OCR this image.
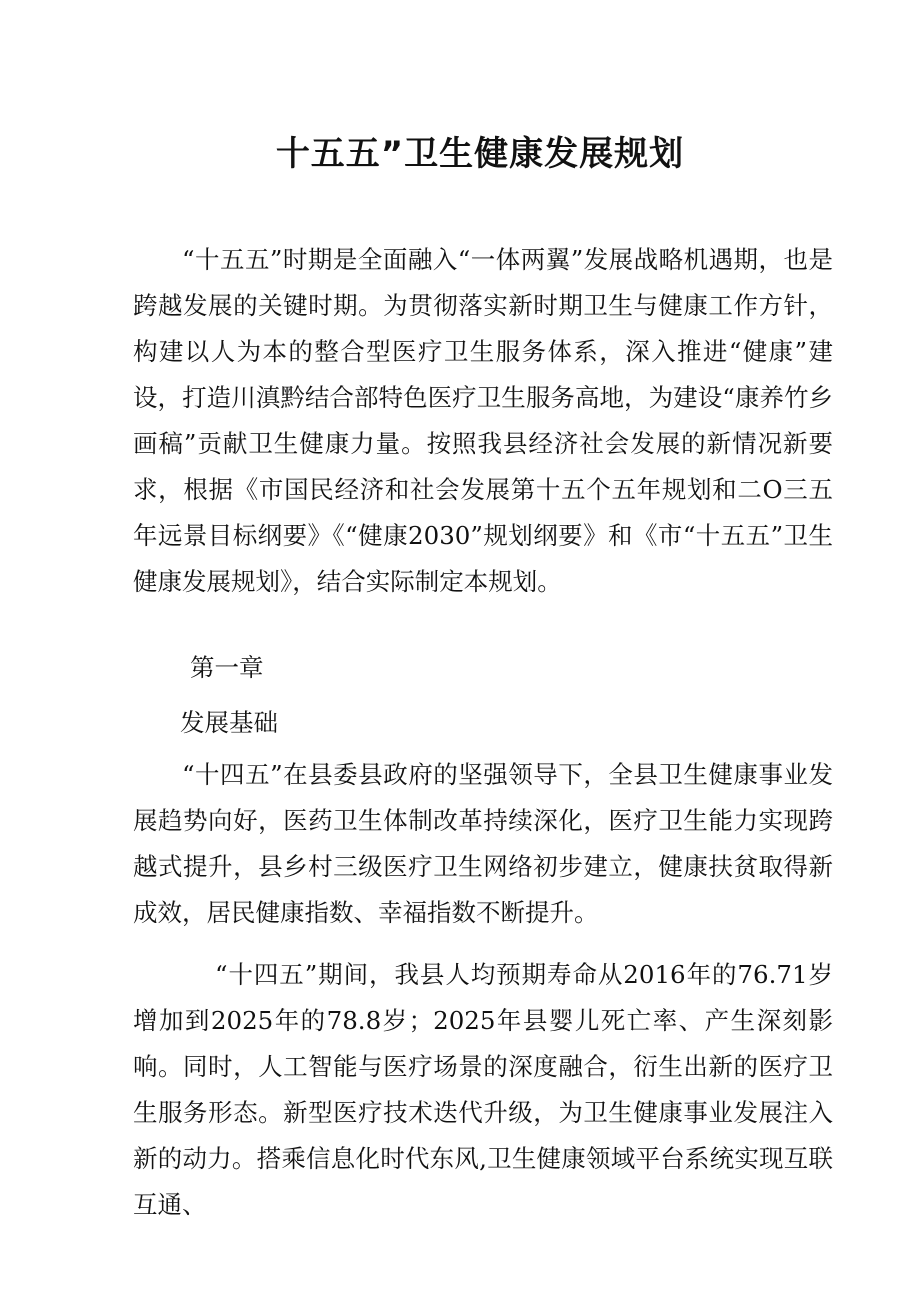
十五五”卫生健康发展规划

“十五五”时期是全面融入“一体两翼”发展战略机遇期，也是跨越发展的关键时期。为贯彻落实新时期卫生与健康工作方针，构建以人为本的整合型医疗卫生服务体系，深入推进“健康”建设，打造川滇黔结合部特色医疗卫生服务高地，为建设“康养竹乡画稿”贡献卫生健康力量。按照我县经济社会发展的新情况新要求，根据《市国民经济和社会发展第十五个五年规划和二O三五年远景目标纲要》《“健康2030”规划纲要》和《市“十五五”卫生健康发展规划》，结合实际制定本规划。

第一章

发展基础

“十四五”在县委县政府的坚强领导下，全县卫生健康事业发展趋势向好，医药卫生体制改革持续深化，医疗卫生能力实现跨越式提升，县乡村三级医疗卫生网络初步建立，健康扶贫取得新成效，居民健康指数、幸福指数不断提升。

“十四五”期间，我县人均预期寿命从2016年的76.71岁增加到2025年的78.8岁；2025年县婴儿死亡率、产生深刻影响。同时，人工智能与医疗场景的深度融合，衍生出新的医疗卫生服务形态。新型医疗技术迭代升级，为卫生健康事业发展注入新的动力。搭乘信息化时代东风,卫生健康领域平台系统实现互联互通、
